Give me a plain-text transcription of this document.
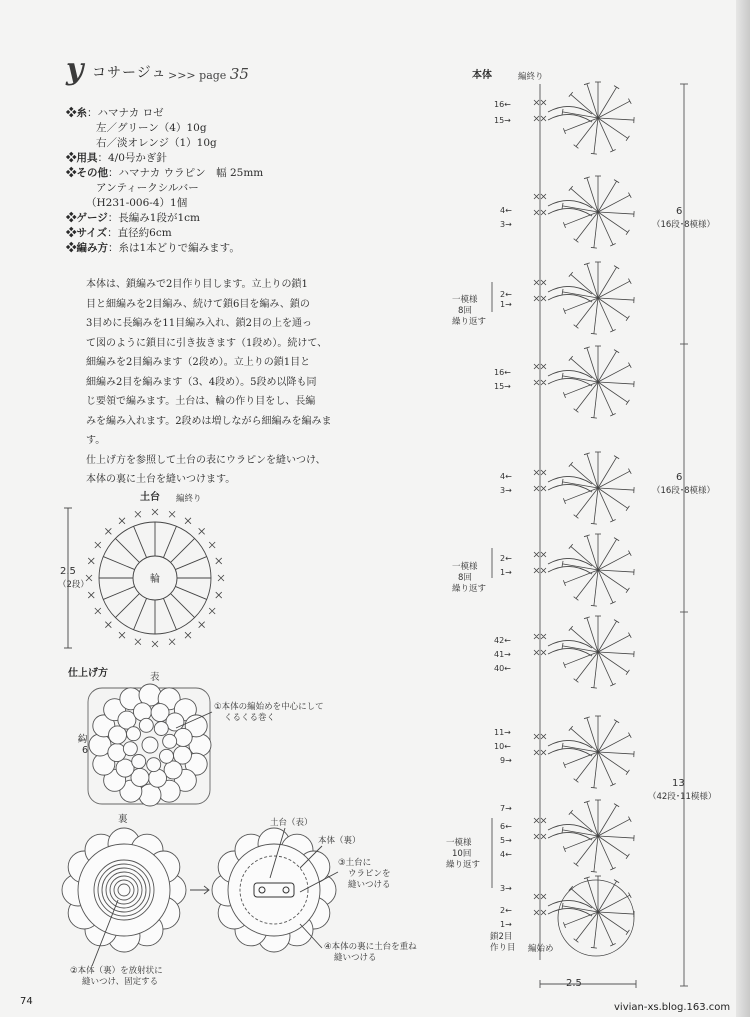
y コサージュ >>> page 35
❖糸：ハマナカ ロゼ
左／グリーン（4）10g
右／淡オレンジ（1）10g
❖用具：4/0号かぎ針
❖その他：ハマナカ ウラピン　幅 25mm
アンティークシルバー
（H231-006-4）1個
❖ゲージ：長編み1段が1cm
❖サイズ：直径約6cm
❖編み方：糸は1本どりで編みます。
本体は、鎖編みで2目作り目します。立上りの鎖1
目と細編みを2目編み、続けて鎖6目を編み、鎖の
3目めに長編みを11目編み入れ、鎖2目の上を通っ
て図のように鎖目に引き抜きます（1段め）。続けて、
細編みを2目編みます（2段め）。立上りの鎖1目と
細編み2目を編みます（3、4段め）。5段め以降も同
じ要領で編みます。土台は、輪の作り目をし、長編
みを編み入れます。2段めは増しながら細編みを編みま
す。
仕上げ方を参照して土台の表にウラピンを縫いつけ、
本体の裏に土台を縫いつけます。
土台 編終り
2.5
（2段）	輪
仕上げ方	表
①本体の編始めを中心にして
くるくる巻く
約
6
裏
②本体（裏）を放射状に
縫いつけ、固定する
土台（表）
本体（裏）
③土台に
ウラピンを
縫いつける
④本体の裏に土台を重ね
縫いつける
本体	編終り
編始め
鎖2目
作り目
一模様
8回
繰り返す
一模様
8回
繰り返す
一模様
10回
繰り返す
6
（16段･8模様）
6
（16段･8模様）
13
（42段･11模様）
2.5
16←
15→
4←
3→
2←
1→
16←
15→
4←
3→
2←
1→
42←
41→
40←
11→
10←
9→
7→
6←
5→
4←
3→
2←
1→
74
vivian-xs.blog.163.com
